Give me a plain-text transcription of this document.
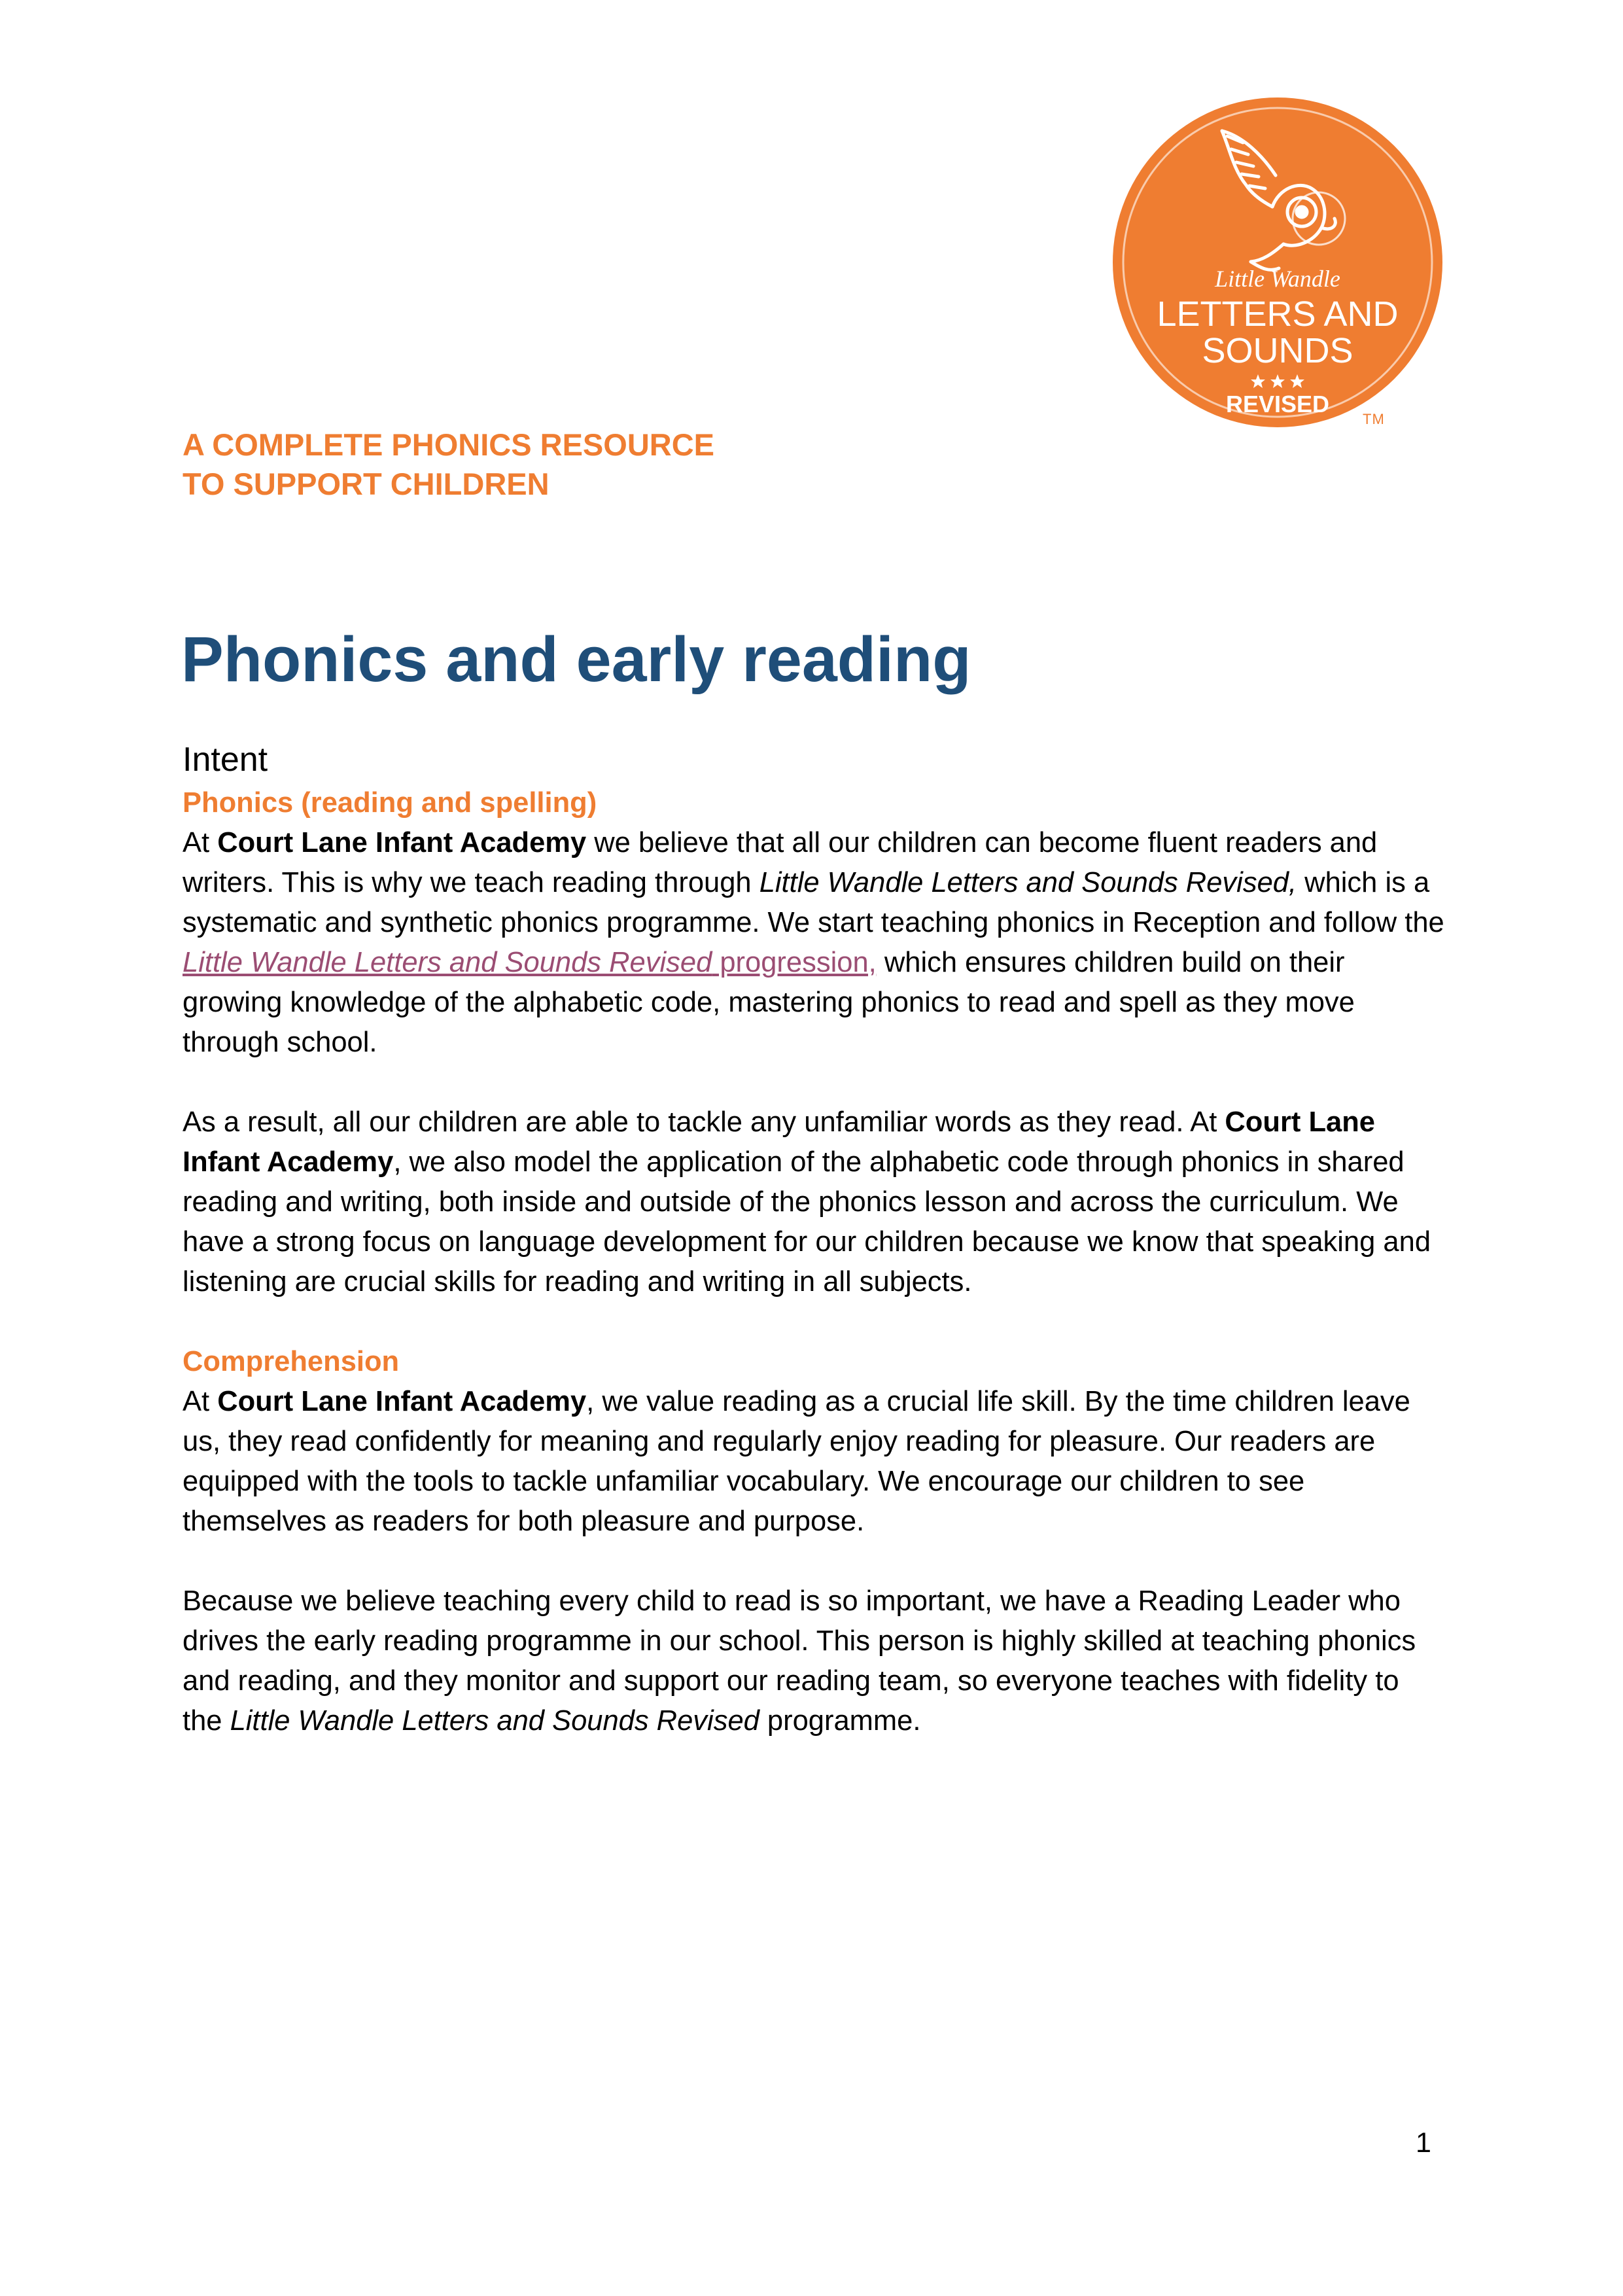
Little Wandle
LETTERS AND
SOUNDS
REVISED
TM
A COMPLETE PHONICS RESOURCE
TO SUPPORT CHILDREN
Phonics and early reading
Intent

Phonics (reading and spelling)

At Court Lane Infant Academy we believe that all our children can become fluent readers and writers. This is why we teach reading through Little Wandle Letters and Sounds Revised, which is a systematic and synthetic phonics programme. We start teaching phonics in Reception and follow the Little Wandle Letters and Sounds Revised progression, which ensures children build on their growing knowledge of the alphabetic code, mastering phonics to read and spell as they move through school.

As a result, all our children are able to tackle any unfamiliar words as they read. At Court Lane Infant Academy, we also model the application of the alphabetic code through phonics in shared reading and writing, both inside and outside of the phonics lesson and across the curriculum. We have a strong focus on language development for our children because we know that speaking and listening are crucial skills for reading and writing in all subjects.

Comprehension

At Court Lane Infant Academy, we value reading as a crucial life skill. By the time children leave us, they read confidently for meaning and regularly enjoy reading for pleasure. Our readers are equipped with the tools to tackle unfamiliar vocabulary. We encourage our children to see themselves as readers for both pleasure and purpose.

Because we believe teaching every child to read is so important, we have a Reading Leader who drives the early reading programme in our school. This person is highly skilled at teaching phonics and reading, and they monitor and support our reading team, so everyone teaches with fidelity to the Little Wandle Letters and Sounds Revised programme.

1
